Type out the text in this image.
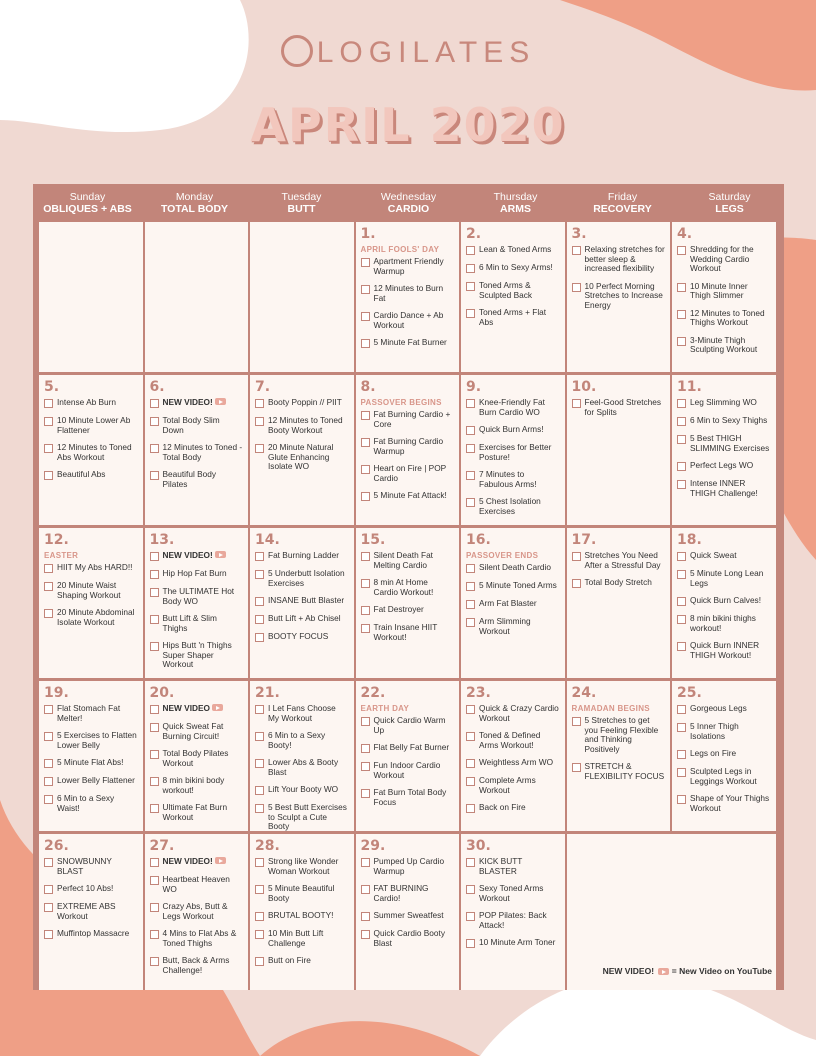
LOGILATES
APRIL 2020
Sunday
OBLIQUES + ABS
Monday
TOTAL BODY
Tuesday
BUTT
Wednesday
CARDIO
Thursday
ARMS
Friday
RECOVERY
Saturday
LEGS
1.
APRIL FOOLS' DAY
Apartment Friendly Warmup
12 Minutes to Burn Fat
Cardio Dance + Ab Workout
5 Minute Fat Burner
2.
Lean & Toned Arms
6 Min to Sexy Arms!
Toned Arms & Sculpted Back
Toned Arms + Flat Abs
3.
Relaxing stretches for better sleep & increased flexibility
10 Perfect Morning Stretches to Increase Energy
4.
Shredding for the Wedding Cardio Workout
10 Minute Inner Thigh Slimmer
12 Minutes to Toned Thighs Workout
3-Minute Thigh Sculpting Workout
5.
Intense Ab Burn
10 Minute Lower Ab Flattener
12 Minutes to Toned Abs Workout
Beautiful Abs
6.
NEW VIDEO!
Total Body Slim Down
12 Minutes to Toned - Total Body
Beautiful Body Pilates
7.
Booty Poppin // PIIT
12 Minutes to Toned Booty Workout
20 Minute Natural Glute Enhancing Isolate WO
8.
PASSOVER BEGINS
Fat Burning Cardio + Core
Fat Burning Cardio Warmup
Heart on Fire | POP Cardio
5 Minute Fat Attack!
9.
Knee-Friendly Fat Burn Cardio WO
Quick Burn Arms!
Exercises for Better Posture!
7 Minutes to Fabulous Arms!
5 Chest Isolation Exercises
10.
Feel-Good Stretches for Splits
11.
Leg Slimming WO
6 Min to Sexy Thighs
5 Best THIGH SLIMMING Exercises
Perfect Legs WO
Intense INNER THIGH Challenge!
12.
EASTER
HIIT My Abs HARD!!
20 Minute Waist Shaping Workout
20 Minute Abdominal Isolate Workout
13.
NEW VIDEO!
Hip Hop Fat Burn
The ULTIMATE Hot Body WO
Butt Lift & Slim Thighs
Hips Butt 'n Thighs Super Shaper Workout
14.
Fat Burning Ladder
5 Underbutt Isolation Exercises
INSANE Butt Blaster
Butt Lift + Ab Chisel
BOOTY FOCUS
15.
Silent Death Fat Melting Cardio
8 min At Home Cardio Workout!
Fat Destroyer
Train Insane HIIT Workout!
16.
PASSOVER ENDS
Silent Death Cardio
5 Minute Toned Arms
Arm Fat Blaster
Arm Slimming Workout
17.
Stretches You Need After a Stressful Day
Total Body Stretch
18.
Quick Sweat
5 Minute Long Lean Legs
Quick Burn Calves!
8 min bikini thighs workout!
Quick Burn INNER THIGH Workout!
19.
Flat Stomach Fat Melter!
5 Exercises to Flatten Lower Belly
5 Minute Flat Abs!
Lower Belly Flattener
6 Min to a Sexy Waist!
20.
NEW VIDEO
Quick Sweat Fat Burning Circuit!
Total Body Pilates Workout
8 min bikini body workout!
Ultimate Fat Burn Workout
21.
I Let Fans Choose My Workout
6 Min to a Sexy Booty!
Lower Abs & Booty Blast
Lift Your Booty WO
5 Best Butt Exercises to Sculpt a Cute Booty
22.
EARTH DAY
Quick Cardio Warm Up
Flat Belly Fat Burner
Fun Indoor Cardio Workout
Fat Burn Total Body Focus
23.
Quick & Crazy Cardio Workout
Toned & Defined Arms Workout!
Weightless Arm WO
Complete Arms Workout
Back on Fire
24.
RAMADAN BEGINS
5 Stretches to get you Feeling Flexible and Thinking Positively
STRETCH & FLEXIBILITY FOCUS
25.
Gorgeous Legs
5 Inner Thigh Isolations
Legs on Fire
Sculpted Legs in Leggings Workout
Shape of Your Thighs Workout
26.
SNOWBUNNY BLAST
Perfect 10 Abs!
EXTREME ABS Workout
Muffintop Massacre
27.
NEW VIDEO!
Heartbeat Heaven WO
Crazy Abs, Butt & Legs Workout
4 Mins to Flat Abs & Toned Thighs
Butt, Back & Arms Challenge!
28.
Strong like Wonder Woman Workout
5 Minute Beautiful Booty
BRUTAL BOOTY!
10 Min Butt Lift Challenge
Butt on Fire
29.
Pumped Up Cardio Warmup
FAT BURNING Cardio!
Summer Sweatfest
Quick Cardio Booty Blast
30.
KICK BUTT BLASTER
Sexy Toned Arms Workout
POP Pilates: Back Attack!
10 Minute Arm Toner
NEW VIDEO! = New Video on YouTube
